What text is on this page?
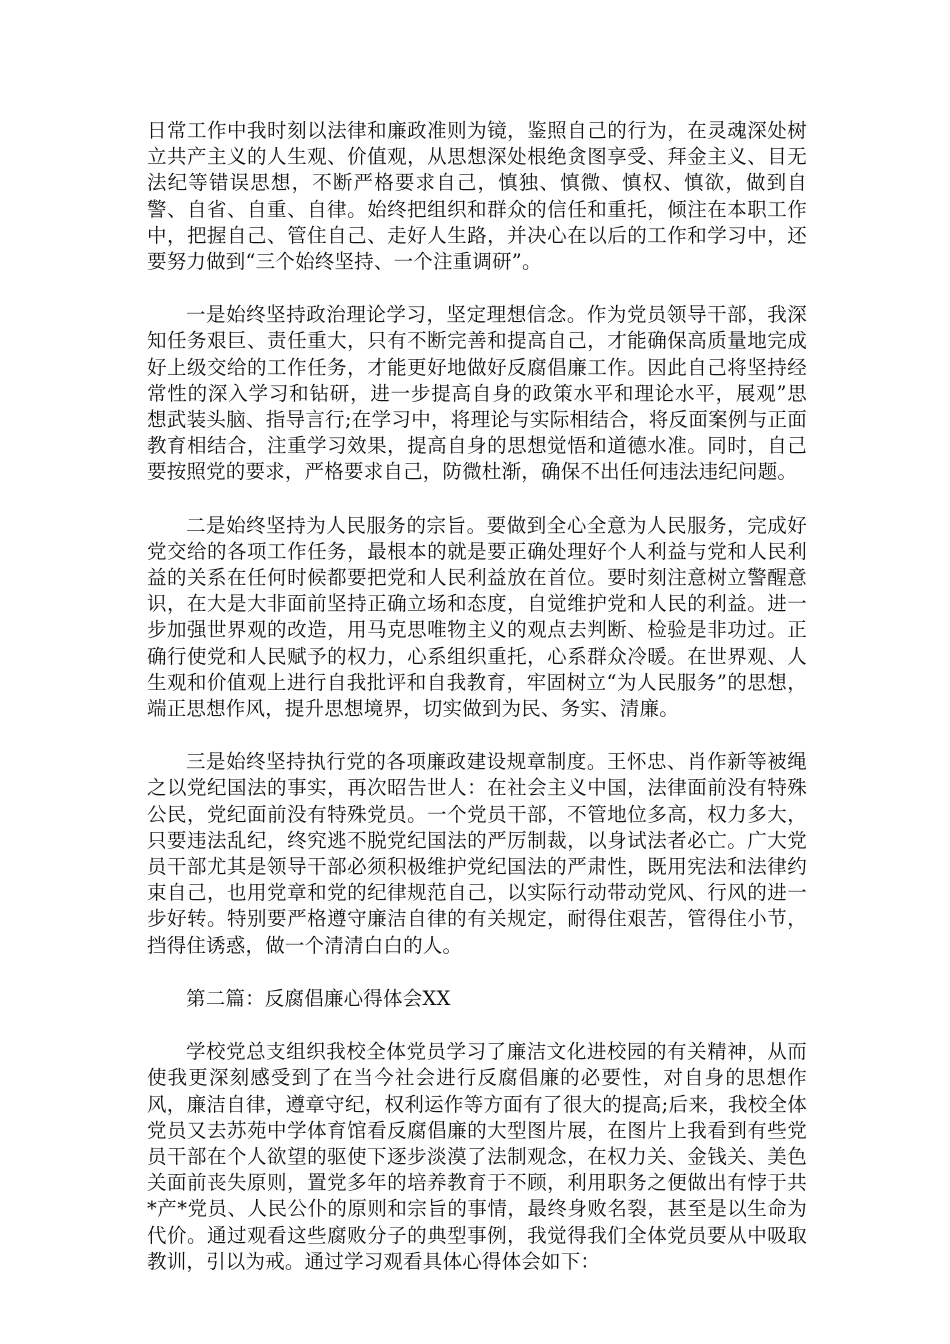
日常工作中我时刻以法律和廉政准则为镜，鉴照自己的行为，在灵魂深处树立共产主义的人生观、价值观，从思想深处根绝贪图享受、拜金主义、目无法纪等错误思想，不断严格要求自己，慎独、慎微、慎权、慎欲，做到自警、自省、自重、自律。始终把组织和群众的信任和重托，倾注在本职工作中，把握自己、管住自己、走好人生路，并决心在以后的工作和学习中，还要努力做到“三个始终坚持、一个注重调研”。

一是始终坚持政治理论学习，坚定理想信念。作为党员领导干部，我深知任务艰巨、责任重大，只有不断完善和提高自己，才能确保高质量地完成好上级交给的工作任务，才能更好地做好反腐倡廉工作。因此自己将坚持经常性的深入学习和钻研，进一步提高自身的政策水平和理论水平，展观”思想武装头脑、指导言行;在学习中，将理论与实际相结合，将反面案例与正面教育相结合，注重学习效果，提高自身的思想觉悟和道德水准。同时，自己要按照党的要求，严格要求自己，防微杜渐，确保不出任何违法违纪问题。

二是始终坚持为人民服务的宗旨。要做到全心全意为人民服务，完成好党交给的各项工作任务，最根本的就是要正确处理好个人利益与党和人民利益的关系在任何时候都要把党和人民利益放在首位。要时刻注意树立警醒意识，在大是大非面前坚持正确立场和态度，自觉维护党和人民的利益。进一步加强世界观的改造，用马克思唯物主义的观点去判断、检验是非功过。正确行使党和人民赋予的权力，心系组织重托，心系群众冷暖。在世界观、人生观和价值观上进行自我批评和自我教育，牢固树立“为人民服务”的思想，端正思想作风，提升思想境界，切实做到为民、务实、清廉。

三是始终坚持执行党的各项廉政建设规章制度。王怀忠、肖作新等被绳之以党纪国法的事实，再次昭告世人：在社会主义中国，法律面前没有特殊公民，党纪面前没有特殊党员。一个党员干部，不管地位多高，权力多大，只要违法乱纪，终究逃不脱党纪国法的严厉制裁，以身试法者必亡。广大党员干部尤其是领导干部必须积极维护党纪国法的严肃性，既用宪法和法律约束自己，也用党章和党的纪律规范自己，以实际行动带动党风、行风的进一步好转。特别要严格遵守廉洁自律的有关规定，耐得住艰苦，管得住小节，挡得住诱惑，做一个清清白白的人。

第二篇：反腐倡廉心得体会XX

学校党总支组织我校全体党员学习了廉洁文化进校园的有关精神，从而使我更深刻感受到了在当今社会进行反腐倡廉的必要性，对自身的思想作风，廉洁自律，遵章守纪，权利运作等方面有了很大的提高;后来，我校全体党员又去苏苑中学体育馆看反腐倡廉的大型图片展，在图片上我看到有些党员干部在个人欲望的驱使下逐步淡漠了法制观念，在权力关、金钱关、美色关面前丧失原则，置党多年的培养教育于不顾，利用职务之便做出有悖于共*产*党员、人民公仆的原则和宗旨的事情，最终身败名裂，甚至是以生命为代价。通过观看这些腐败分子的典型事例，我觉得我们全体党员要从中吸取教训，引以为戒。通过学习观看具体心得体会如下：
